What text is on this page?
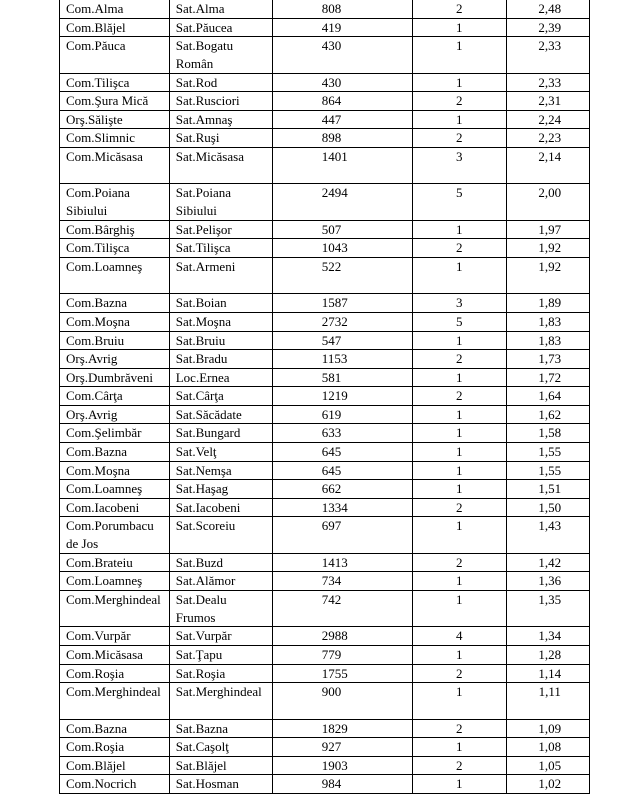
Com.Alma	Sat.Alma	808	2	2,48
Com.Blăjel	Sat.Păucea	419	1	2,39
Com.Păuca	Sat.Bogatu Român	430	1	2,33
Com.Tilişca	Sat.Rod	430	1	2,33
Com.Şura Mică	Sat.Rusciori	864	2	2,31
Orş.Sălişte	Sat.Amnaş	447	1	2,24
Com.Slimnic	Sat.Ruşi	898	2	2,23
Com.Micăsasa	Sat.Micăsasa	1401	3	2,14
Com.Poiana Sibiului	Sat.Poiana Sibiului	2494	5	2,00
Com.Bârghiş	Sat.Pelişor	507	1	1,97
Com.Tilişca	Sat.Tilişca	1043	2	1,92
Com.Loamneş	Sat.Armeni	522	1	1,92
Com.Bazna	Sat.Boian	1587	3	1,89
Com.Moşna	Sat.Moşna	2732	5	1,83
Com.Bruiu	Sat.Bruiu	547	1	1,83
Orş.Avrig	Sat.Bradu	1153	2	1,73
Orş.Dumbrăveni	Loc.Ernea	581	1	1,72
Com.Cârţa	Sat.Cârţa	1219	2	1,64
Orş.Avrig	Sat.Săcădate	619	1	1,62
Com.Şelimbăr	Sat.Bungard	633	1	1,58
Com.Bazna	Sat.Velţ	645	1	1,55
Com.Moşna	Sat.Nemşa	645	1	1,55
Com.Loamneş	Sat.Haşag	662	1	1,51
Com.Iacobeni	Sat.Iacobeni	1334	2	1,50
Com.Porumbacu de Jos	Sat.Scoreiu	697	1	1,43
Com.Brateiu	Sat.Buzd	1413	2	1,42
Com.Loamneş	Sat.Alămor	734	1	1,36
Com.Merghindeal	Sat.Dealu Frumos	742	1	1,35
Com.Vurpăr	Sat.Vurpăr	2988	4	1,34
Com.Micăsasa	Sat.Ţapu	779	1	1,28
Com.Roşia	Sat.Roşia	1755	2	1,14
Com.Merghindeal	Sat.Merghindeal	900	1	1,11
Com.Bazna	Sat.Bazna	1829	2	1,09
Com.Roşia	Sat.Caşolţ	927	1	1,08
Com.Blăjel	Sat.Blăjel	1903	2	1,05
Com.Nocrich	Sat.Hosman	984	1	1,02
